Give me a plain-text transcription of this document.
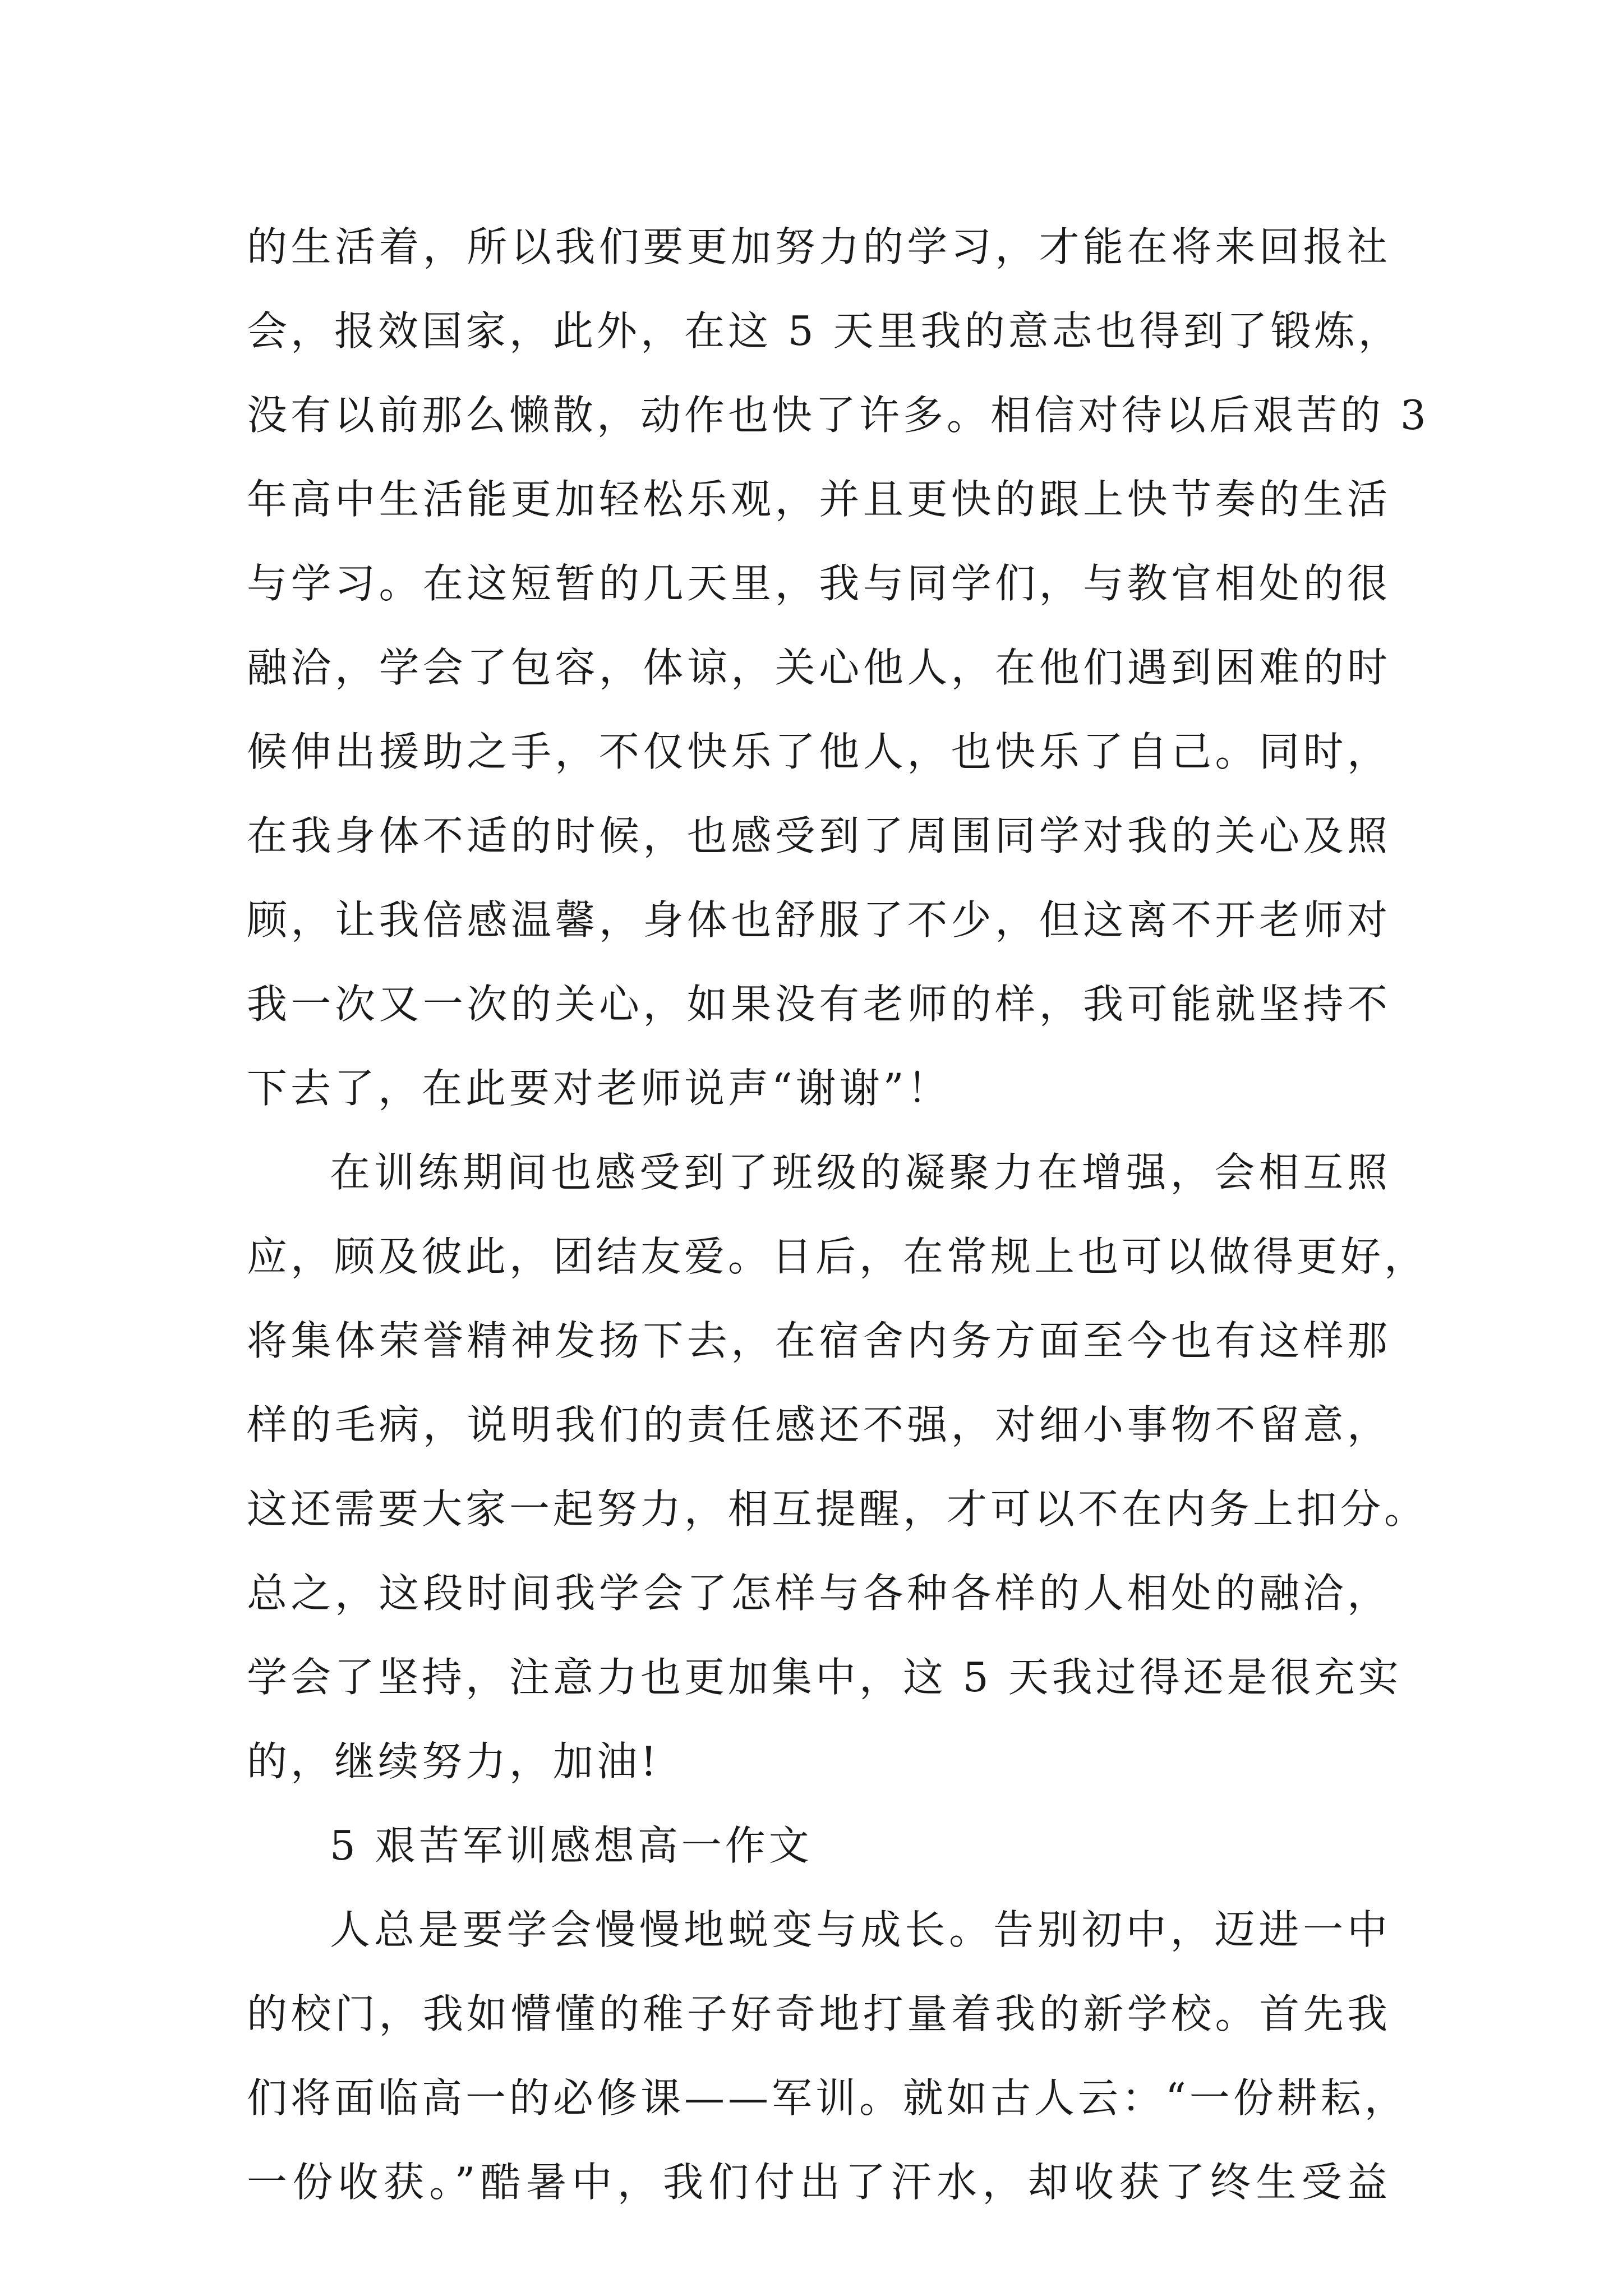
的生活着，所以我们要更加努力的学习，才能在将来回报社
会，报效国家，此外，在这 5 天里我的意志也得到了锻炼，
没有以前那么懒散，动作也快了许多。相信对待以后艰苦的 3
年高中生活能更加轻松乐观，并且更快的跟上快节奏的生活
与学习。在这短暂的几天里，我与同学们，与教官相处的很
融洽，学会了包容，体谅，关心他人，在他们遇到困难的时
候伸出援助之手，不仅快乐了他人，也快乐了自己。同时，
在我身体不适的时候，也感受到了周围同学对我的关心及照
顾，让我倍感温馨，身体也舒服了不少，但这离不开老师对
我一次又一次的关心，如果没有老师的样，我可能就坚持不
下去了，在此要对老师说声“谢谢”！
在训练期间也感受到了班级的凝聚力在增强，会相互照
应，顾及彼此，团结友爱。日后，在常规上也可以做得更好，
将集体荣誉精神发扬下去，在宿舍内务方面至今也有这样那
样的毛病，说明我们的责任感还不强，对细小事物不留意，
这还需要大家一起努力，相互提醒，才可以不在内务上扣分。
总之，这段时间我学会了怎样与各种各样的人相处的融洽，
学会了坚持，注意力也更加集中，这 5 天我过得还是很充实
的，继续努力，加油!
5 艰苦军训感想高一作文
人总是要学会慢慢地蜕变与成长。告别初中，迈进一中
的校门，我如懵懂的稚子好奇地打量着我的新学校。首先我
们将面临高一的必修课——军训。就如古人云：“一份耕耘，
一份收获。”酷暑中，我们付出了汗水，却收获了终生受益
